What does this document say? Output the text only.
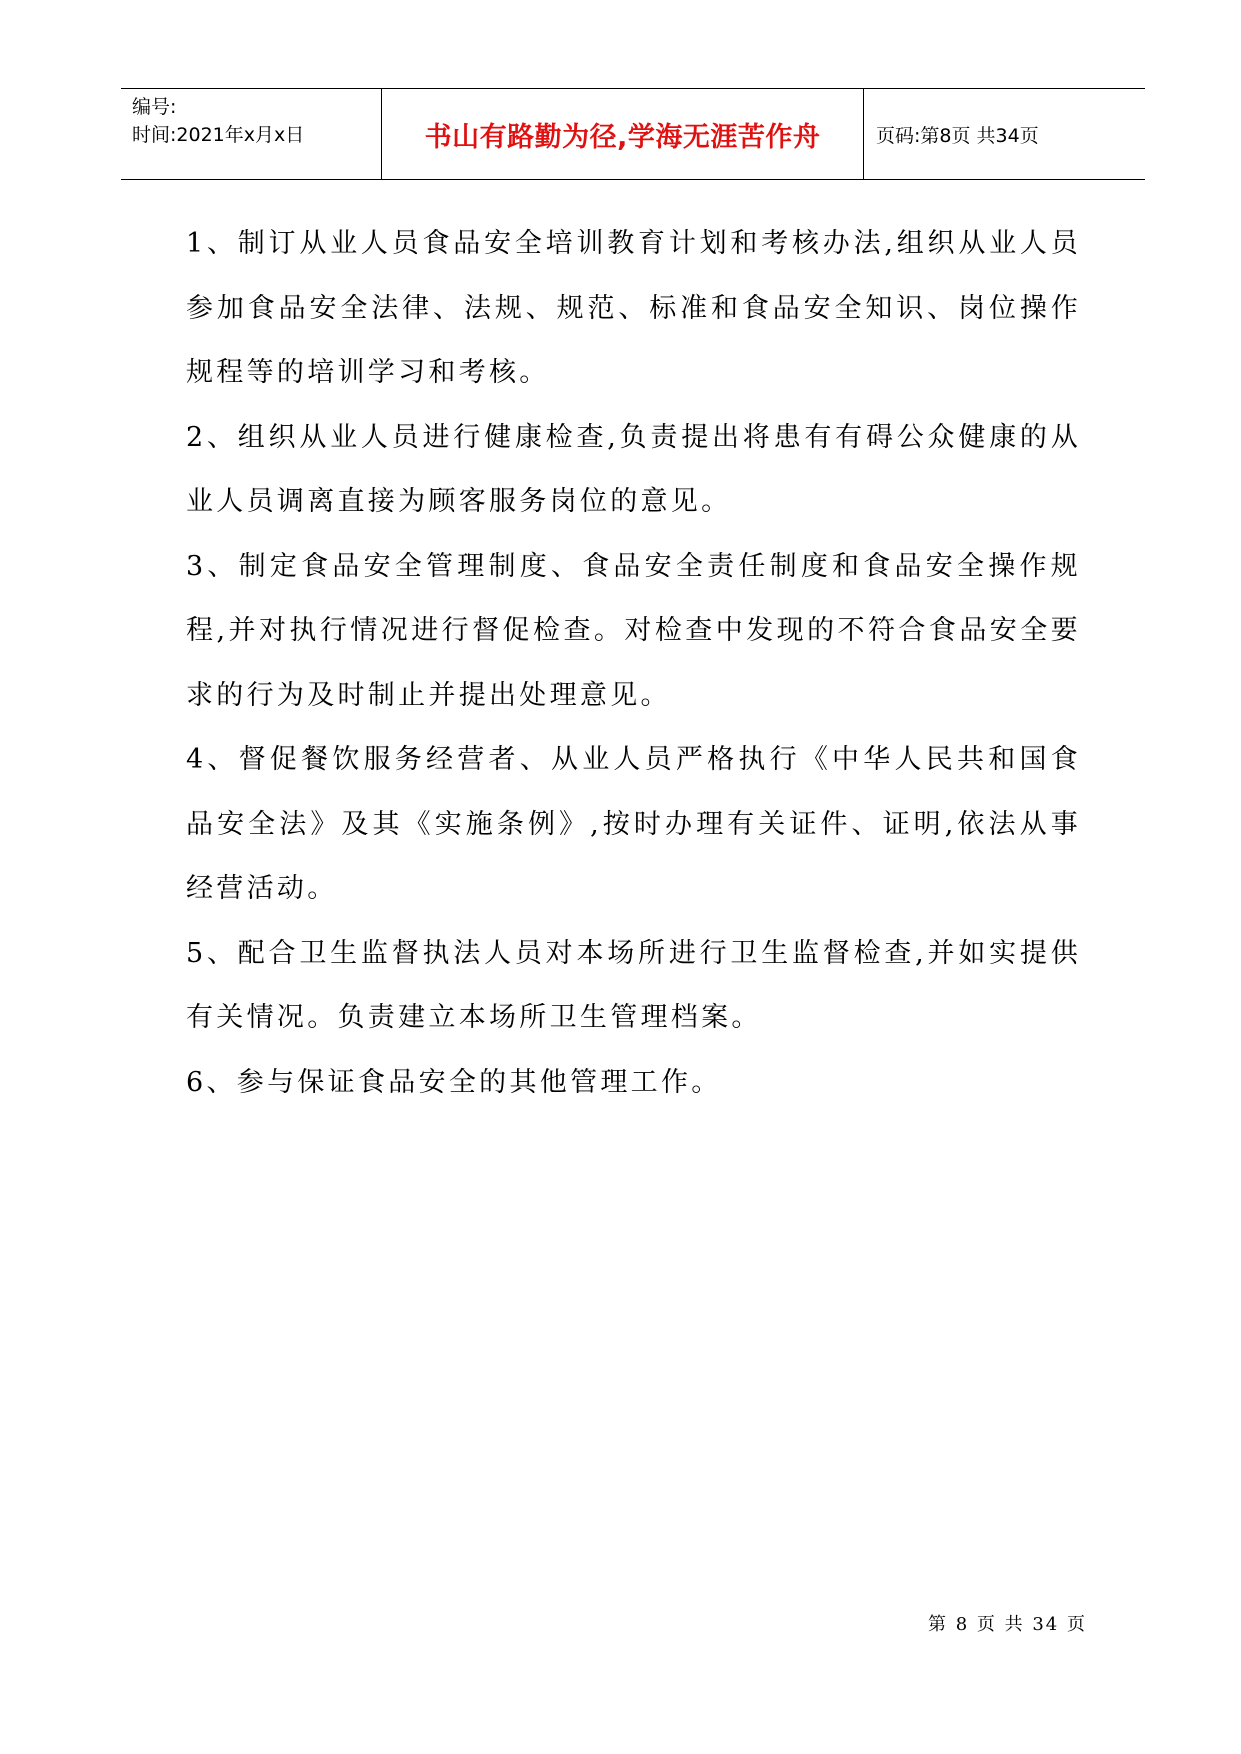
编号:
时间:2021年x月x日	书山有路勤为径,学海无涯苦作舟	页码:第8页 共34页

1、制订从业人员食品安全培训教育计划和考核办法,组织从业人员参加食品安全法律、法规、规范、标准和食品安全知识、岗位操作规程等的培训学习和考核。

2、组织从业人员进行健康检查,负责提出将患有有碍公众健康的从业人员调离直接为顾客服务岗位的意见。

3、制定食品安全管理制度、食品安全责任制度和食品安全操作规程,并对执行情况进行督促检查。对检查中发现的不符合食品安全要求的行为及时制止并提出处理意见。

4、督促餐饮服务经营者、从业人员严格执行《中华人民共和国食品安全法》及其《实施条例》,按时办理有关证件、证明,依法从事经营活动。

5、配合卫生监督执法人员对本场所进行卫生监督检查,并如实提供有关情况。负责建立本场所卫生管理档案。

6、参与保证食品安全的其他管理工作。

第 8 页 共 34 页
